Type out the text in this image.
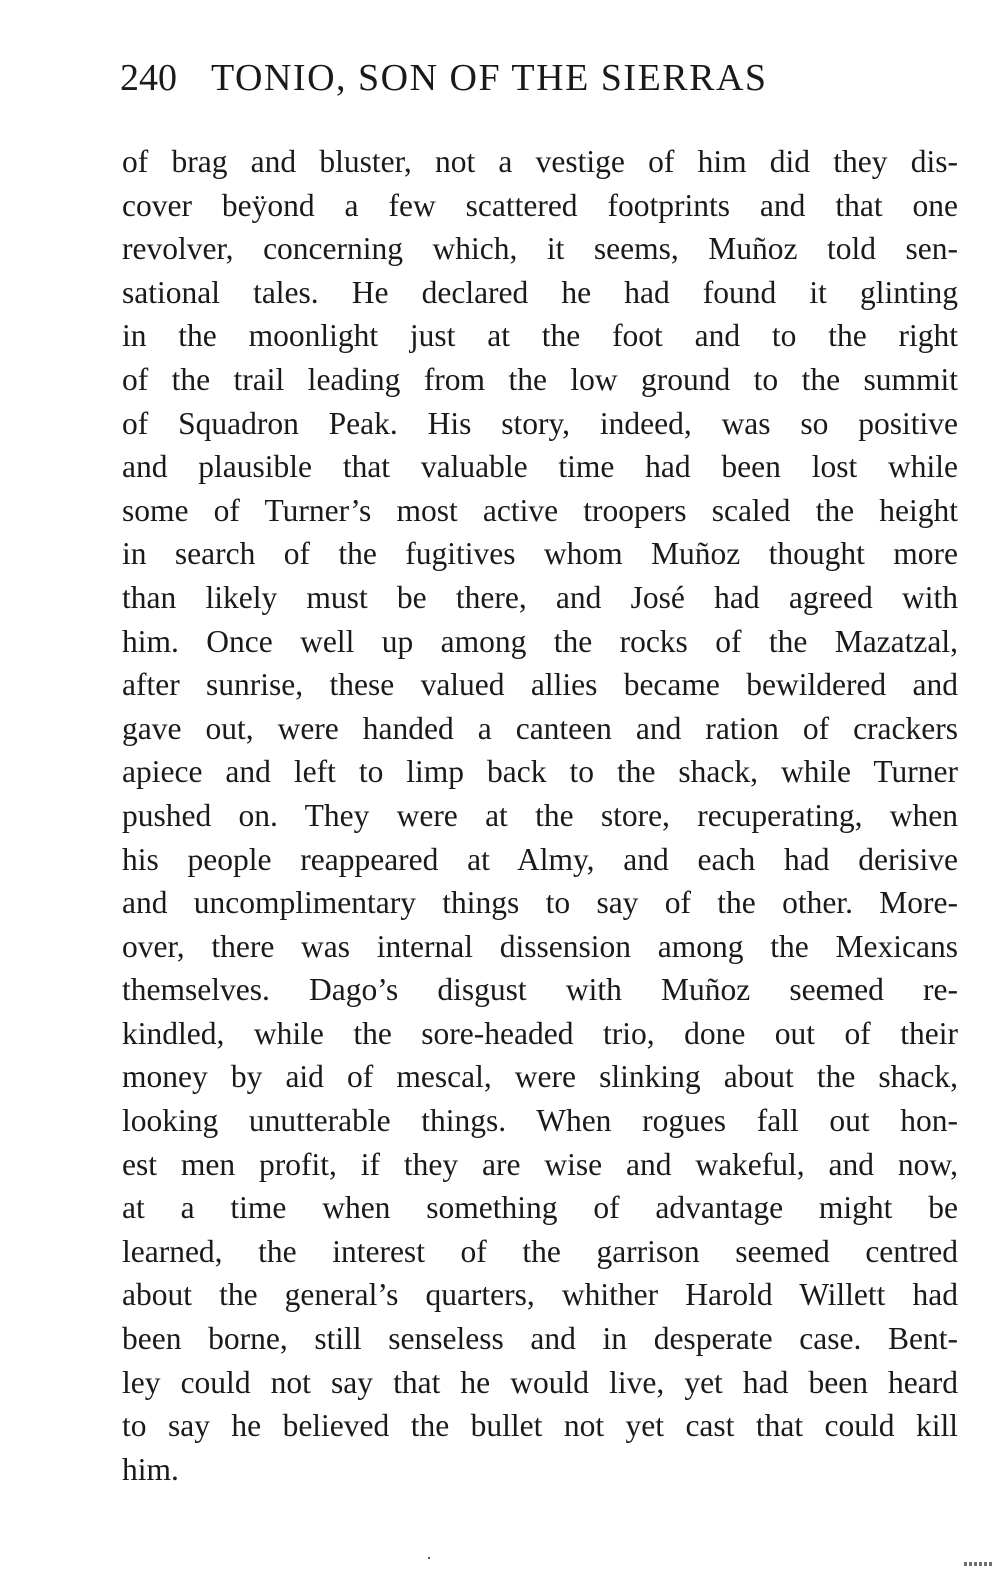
240 TONIO, SON OF THE SIERRAS
of brag and bluster, not a vestige of him did they dis-
cover beÿond a few scattered footprints and that one
revolver, concerning which, it seems, Muñoz told sen-
sational tales. He declared he had found it glinting
in the moonlight just at the foot and to the right
of the trail leading from the low ground to the summit
of Squadron Peak. His story, indeed, was so positive
and plausible that valuable time had been lost while
some of Turner’s most active troopers scaled the height
in search of the fugitives whom Muñoz thought more
than likely must be there, and José had agreed with
him. Once well up among the rocks of the Mazatzal,
after sunrise, these valued allies became bewildered and
gave out, were handed a canteen and ration of crackers
apiece and left to limp back to the shack, while Turner
pushed on. They were at the store, recuperating, when
his people reappeared at Almy, and each had derisive
and uncomplimentary things to say of the other. More-
over, there was internal dissension among the Mexicans
themselves. Dago’s disgust with Muñoz seemed re-
kindled, while the sore-headed trio, done out of their
money by aid of mescal, were slinking about the shack,
looking unutterable things. When rogues fall out hon-
est men profit, if they are wise and wakeful, and now,
at a time when something of advantage might be
learned, the interest of the garrison seemed centred
about the general’s quarters, whither Harold Willett had
been borne, still senseless and in desperate case. Bent-
ley could not say that he would live, yet had been heard
to say he believed the bullet not yet cast that could kill
him.
